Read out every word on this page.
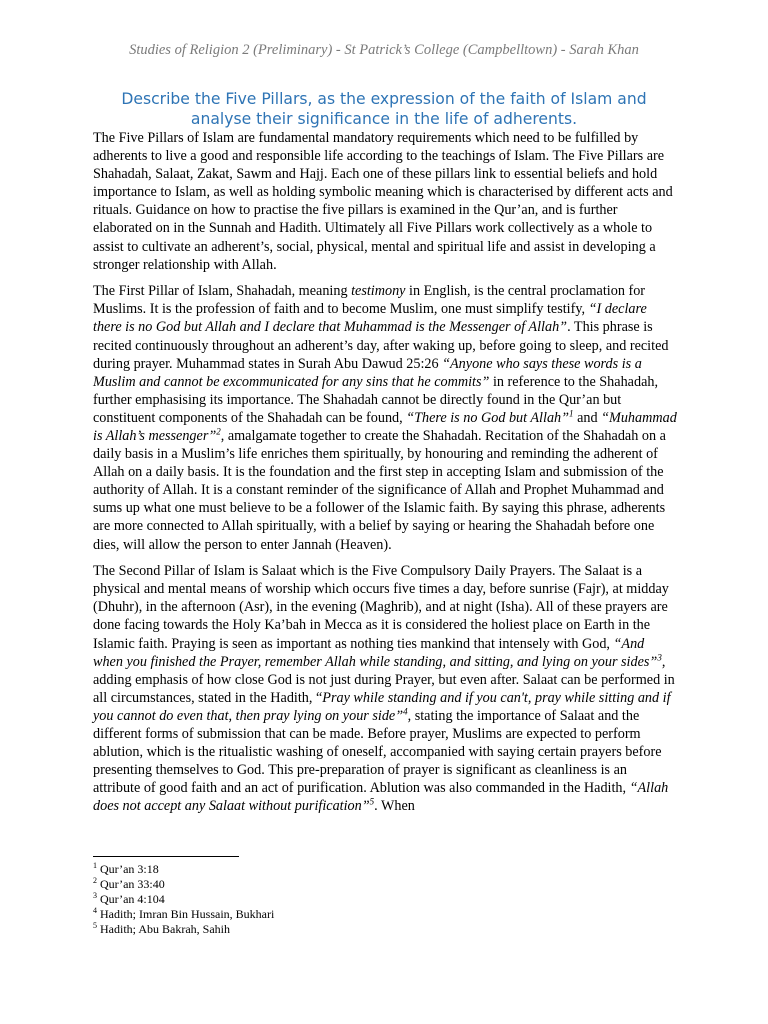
Studies of Religion 2 (Preliminary) - St Patrick’s College (Campbelltown) - Sarah Khan
Describe the Five Pillars, as the expression of the faith of Islam and
analyse their significance in the life of adherents.

The Five Pillars of Islam are fundamental mandatory requirements which need to be fulfilled by adherents to live a good and responsible life according to the teachings of Islam. The Five Pillars are Shahadah, Salaat, Zakat, Sawm and Hajj. Each one of these pillars link to essential beliefs and hold importance to Islam, as well as holding symbolic meaning which is characterised by different acts and rituals. Guidance on how to practise the five pillars is examined in the Qur’an, and is further elaborated on in the Sunnah and Hadith. Ultimately all Five Pillars work collectively as a whole to assist to cultivate an adherent’s, social, physical, mental and spiritual life and assist in developing a stronger relationship with Allah.

The First Pillar of Islam, Shahadah, meaning testimony in English, is the central proclamation for Muslims. It is the profession of faith and to become Muslim, one must simplify testify, “I declare there is no God but Allah and I declare that Muhammad is the Messenger of Allah”. This phrase is recited continuously throughout an adherent’s day, after waking up, before going to sleep, and recited during prayer. Muhammad states in Surah Abu Dawud 25:26 “Anyone who says these words is a Muslim and cannot be excommunicated for any sins that he commits” in reference to the Shahadah, further emphasising its importance. The Shahadah cannot be directly found in the Qur’an but constituent components of the Shahadah can be found, “There is no God but Allah”$^1$ and “Muhammad is Allah’s messenger”$^2$, amalgamate together to create the Shahadah. Recitation of the Shahadah on a daily basis in a Muslim’s life enriches them spiritually, by honouring and reminding the adherent of Allah on a daily basis. It is the foundation and the first step in accepting Islam and submission of the authority of Allah. It is a constant reminder of the significance of Allah and Prophet Muhammad and sums up what one must believe to be a follower of the Islamic faith. By saying this phrase, adherents are more connected to Allah spiritually, with a belief by saying or hearing the Shahadah before one dies, will allow the person to enter Jannah (Heaven).

The Second Pillar of Islam is Salaat which is the Five Compulsory Daily Prayers. The Salaat is a physical and mental means of worship which occurs five times a day, before sunrise (Fajr), at midday (Dhuhr), in the afternoon (Asr), in the evening (Maghrib), and at night (Isha). All of these prayers are done facing towards the Holy Ka’bah in Mecca as it is considered the holiest place on Earth in the Islamic faith. Praying is seen as important as nothing ties mankind that intensely with God, “And when you finished the Prayer, remember Allah while standing, and sitting, and lying on your sides”$^3$, adding emphasis of how close God is not just during Prayer, but even after. Salaat can be performed in all circumstances, stated in the Hadith, “Pray while standing and if you can't, pray while sitting and if you cannot do even that, then pray lying on your side”$^4$, stating the importance of Salaat and the different forms of submission that can be made. Before prayer, Muslims are expected to perform ablution, which is the ritualistic washing of oneself, accompanied with saying certain prayers before presenting themselves to God. This pre-preparation of prayer is significant as cleanliness is an attribute of good faith and an act of purification. Ablution was also commanded in the Hadith, “Allah does not accept any Salaat without purification”$^5$. When

$^1$ Qur’an 3:18
$^2$ Qur’an 33:40
$^3$ Qur’an 4:104
$^4$ Hadith; Imran Bin Hussain, Bukhari
$^5$ Hadith; Abu Bakrah, Sahih
